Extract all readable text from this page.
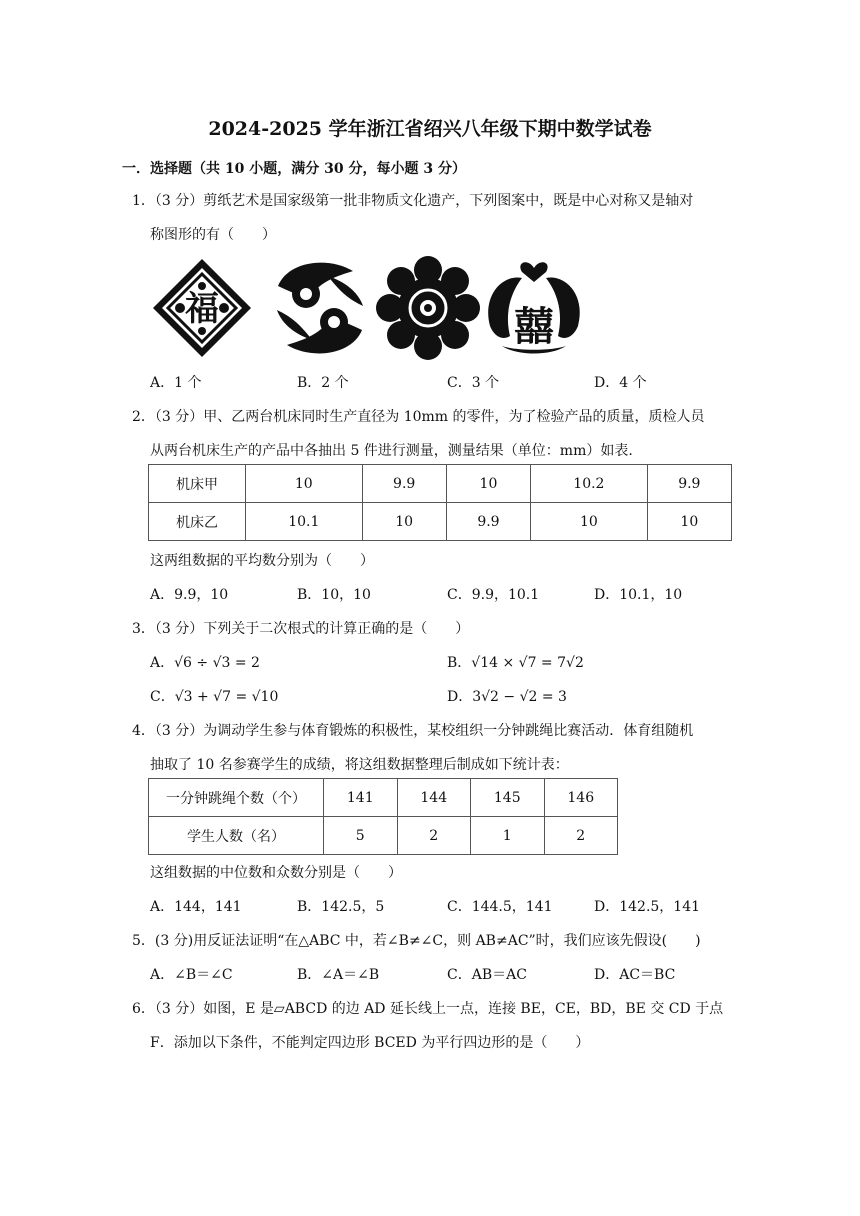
2024-2025 学年浙江省绍兴八年级下期中数学试卷
一．选择题（共 10 小题，满分 30 分，每小题 3 分）
1．（3 分）剪纸艺术是国家级第一批非物质文化遗产，下列图案中，既是中心对称又是轴对
称图形的有（　　）
福	囍
A．1 个	B．2 个	C．3 个	D．4 个
2．（3 分）甲、乙两台机床同时生产直径为 10mm 的零件，为了检验产品的质量，质检人员
从两台机床生产的产品中各抽出 5 件进行测量，测量结果（单位：mm）如表.
机床甲	10	9.9	10	10.2	9.9
机床乙	10.1	10	9.9	10	10
这两组数据的平均数分别为（　　）
A．9.9，10	B．10，10	C．9.9，10.1	D．10.1，10
3．（3 分）下列关于二次根式的计算正确的是（　　）
A．√6 ÷ √3 = 2	B．√14 × √7 = 7√2
C．√3 + √7 = √10	D．3√2 − √2 = 3
4．（3 分）为调动学生参与体育锻炼的积极性，某校组织一分钟跳绳比赛活动．体育组随机
抽取了 10 名参赛学生的成绩，将这组数据整理后制成如下统计表：
一分钟跳绳个数（个）	141	144	145	146
学生人数（名）	5	2	1	2
这组数据的中位数和众数分别是（　　）
A．144，141	B．142.5，5	C．144.5，141	D．142.5，141
5．(3 分)用反证法证明“在△ABC 中，若∠B≠∠C，则 AB≠AC”时，我们应该先假设(　　)
A．∠B＝∠C	B．∠A＝∠B	C．AB＝AC	D．AC＝BC
6．（3 分）如图，E 是▱ABCD 的边 AD 延长线上一点，连接 BE，CE，BD，BE 交 CD 于点
F．添加以下条件，不能判定四边形 BCED 为平行四边形的是（　　）
